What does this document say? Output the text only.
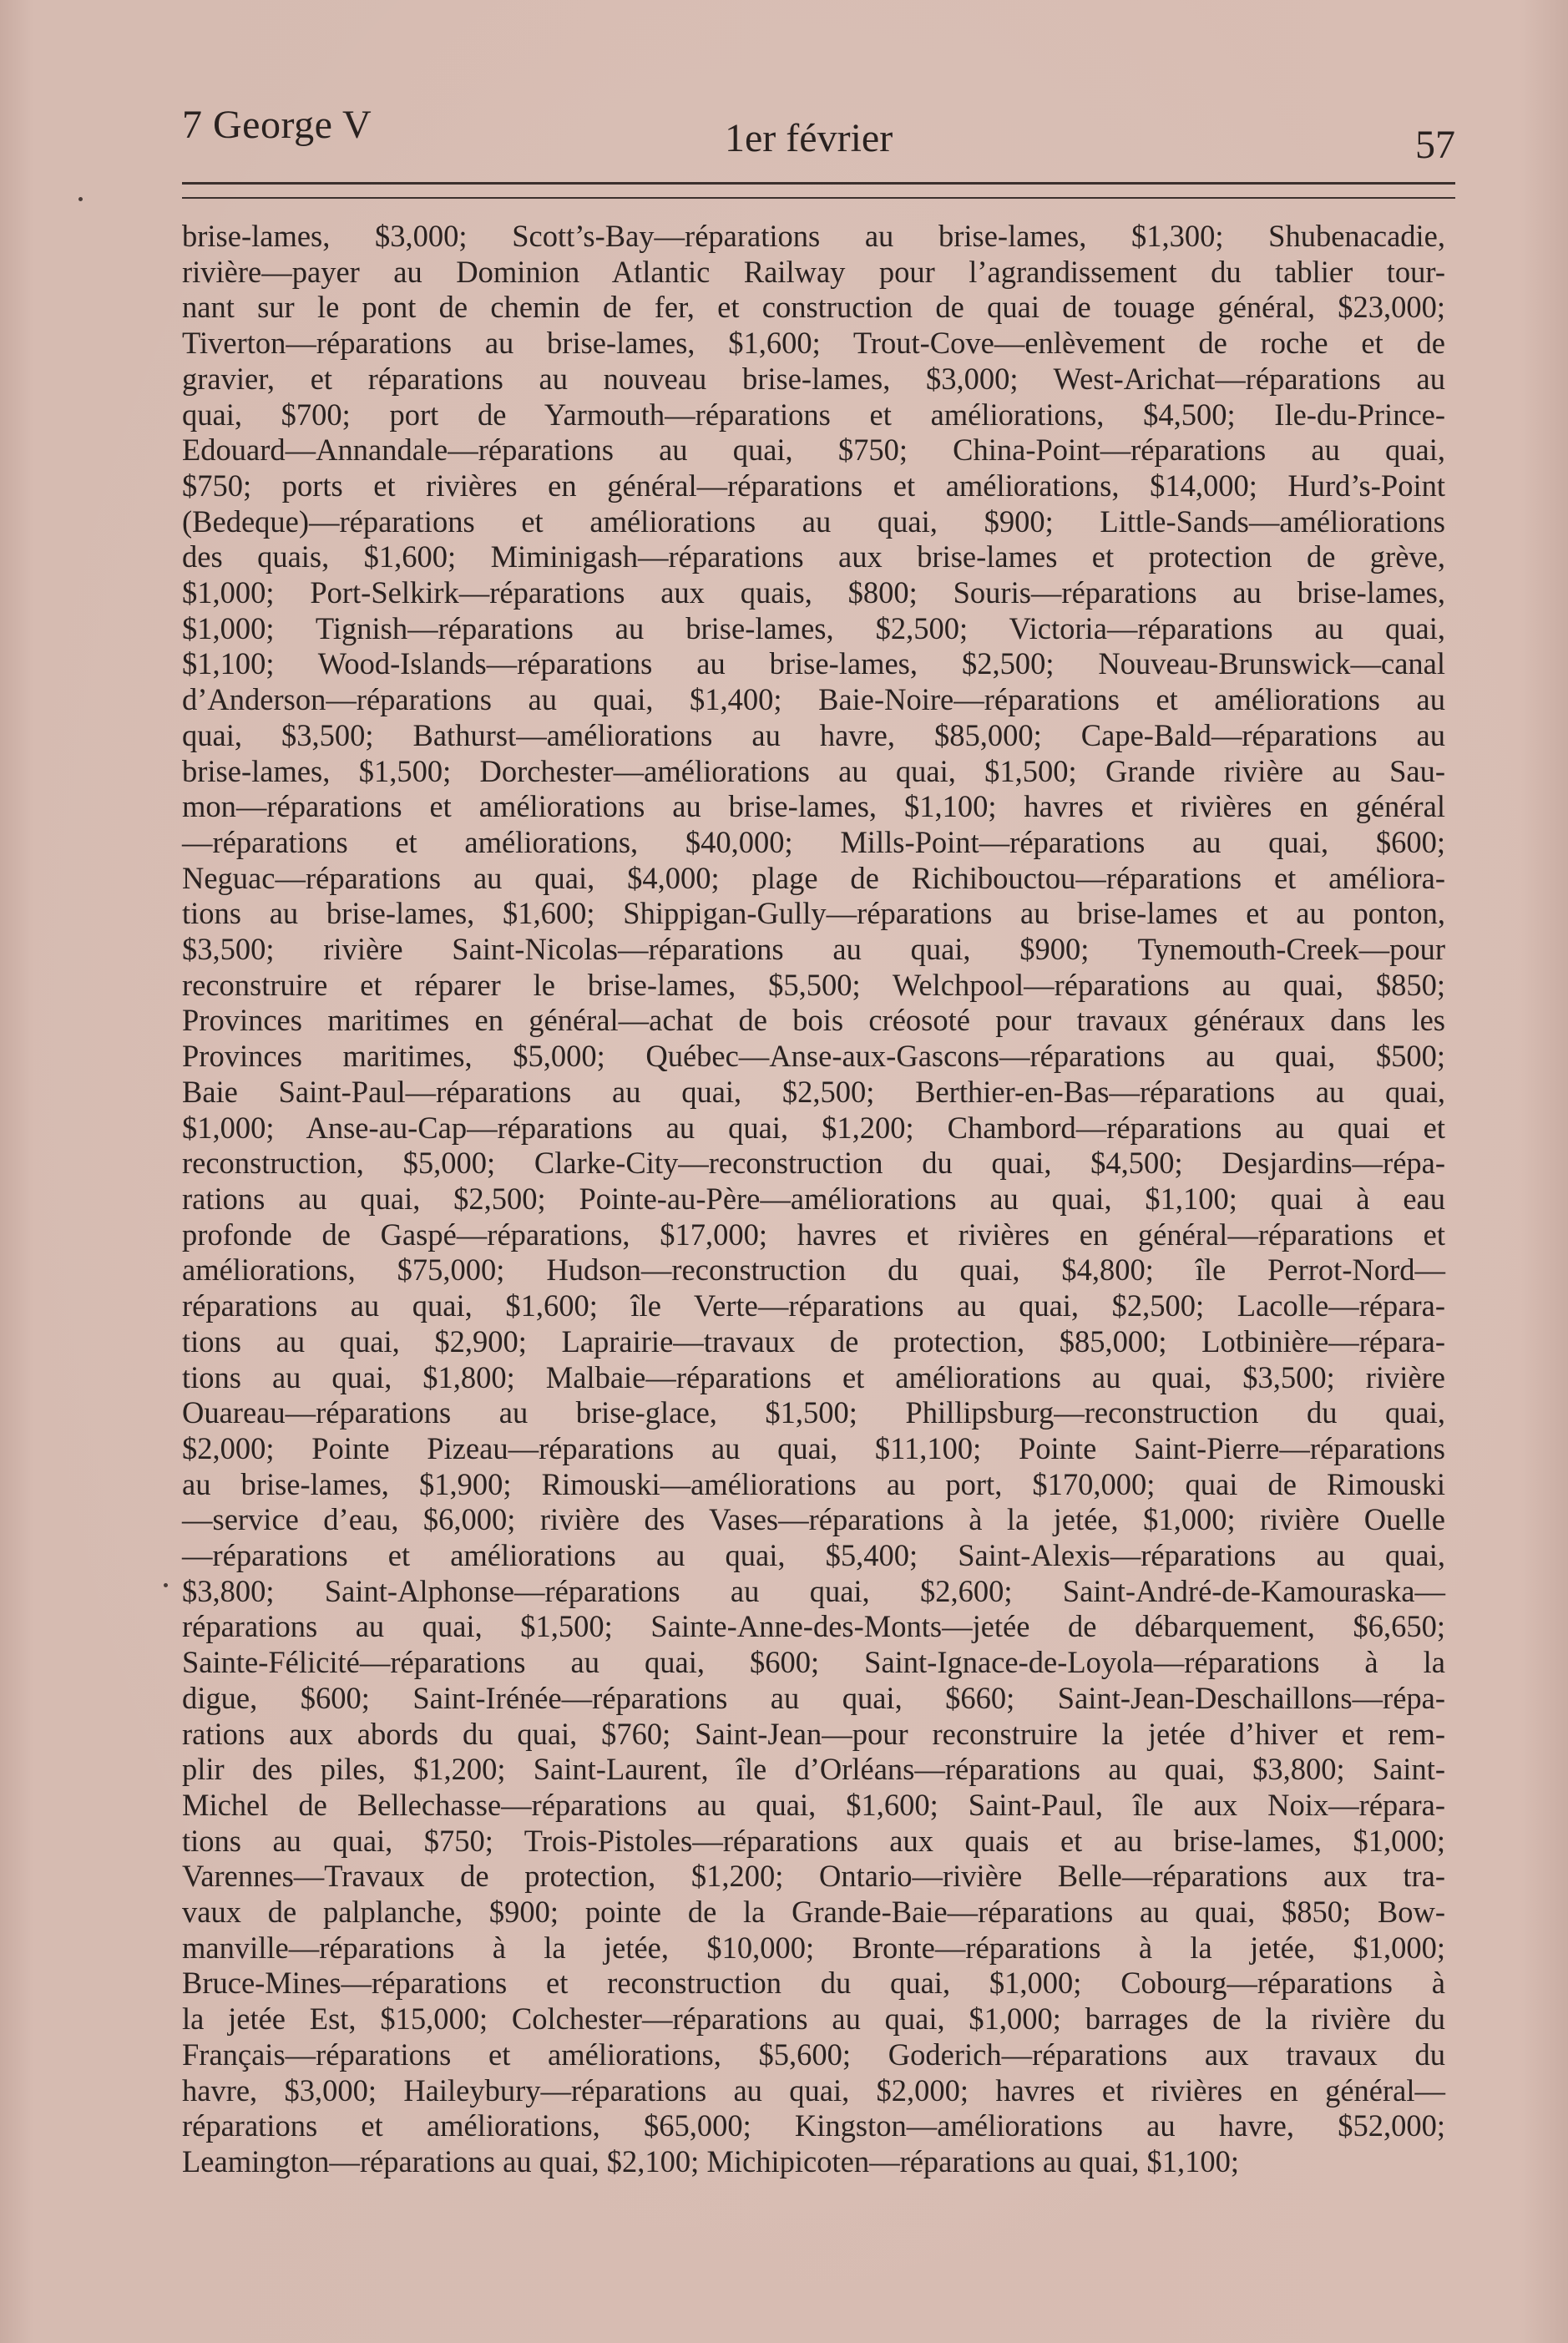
7 George V	1er février	57
brise-lames, $3,000; Scott’s-Bay—réparations au brise-lames, $1,300; Shubenacadie,
rivière—payer au Dominion Atlantic Railway pour l’agrandissement du tablier tour-
nant sur le pont de chemin de fer, et construction de quai de touage général, $23,000;
Tiverton—réparations au brise-lames, $1,600; Trout-Cove—enlèvement de roche et de
gravier, et réparations au nouveau brise-lames, $3,000; West-Arichat—réparations au
quai, $700; port de Yarmouth—réparations et améliorations, $4,500; Ile-du-Prince-
Edouard—Annandale—réparations au quai, $750; China-Point—réparations au quai,
$750; ports et rivières en général—réparations et améliorations, $14,000; Hurd’s-Point
(Bedeque)—réparations et améliorations au quai, $900; Little-Sands—améliorations
des quais, $1,600; Miminigash—réparations aux brise-lames et protection de grève,
$1,000; Port-Selkirk—réparations aux quais, $800; Souris—réparations au brise-lames,
$1,000; Tignish—réparations au brise-lames, $2,500; Victoria—réparations au quai,
$1,100; Wood-Islands—réparations au brise-lames, $2,500; Nouveau-Brunswick—canal
d’Anderson—réparations au quai, $1,400; Baie-Noire—réparations et améliorations au
quai, $3,500; Bathurst—améliorations au havre, $85,000; Cape-Bald—réparations au
brise-lames, $1,500; Dorchester—améliorations au quai, $1,500; Grande rivière au Sau-
mon—réparations et améliorations au brise-lames, $1,100; havres et rivières en général
—réparations et améliorations, $40,000; Mills-Point—réparations au quai, $600;
Neguac—réparations au quai, $4,000; plage de Richibouctou—réparations et améliora-
tions au brise-lames, $1,600; Shippigan-Gully—réparations au brise-lames et au ponton,
$3,500; rivière Saint-Nicolas—réparations au quai, $900; Tynemouth-Creek—pour
reconstruire et réparer le brise-lames, $5,500; Welchpool—réparations au quai, $850;
Provinces maritimes en général—achat de bois créosoté pour travaux généraux dans les
Provinces maritimes, $5,000; Québec—Anse-aux-Gascons—réparations au quai, $500;
Baie Saint-Paul—réparations au quai, $2,500; Berthier-en-Bas—réparations au quai,
$1,000; Anse-au-Cap—réparations au quai, $1,200; Chambord—réparations au quai et
reconstruction, $5,000; Clarke-City—reconstruction du quai, $4,500; Desjardins—répa-
rations au quai, $2,500; Pointe-au-Père—améliorations au quai, $1,100; quai à eau
profonde de Gaspé—réparations, $17,000; havres et rivières en général—réparations et
améliorations, $75,000; Hudson—reconstruction du quai, $4,800; île Perrot-Nord—
réparations au quai, $1,600; île Verte—réparations au quai, $2,500; Lacolle—répara-
tions au quai, $2,900; Laprairie—travaux de protection, $85,000; Lotbinière—répara-
tions au quai, $1,800; Malbaie—réparations et améliorations au quai, $3,500; rivière
Ouareau—réparations au brise-glace, $1,500; Phillipsburg—reconstruction du quai,
$2,000; Pointe Pizeau—réparations au quai, $11,100; Pointe Saint-Pierre—réparations
au brise-lames, $1,900; Rimouski—améliorations au port, $170,000; quai de Rimouski
—service d’eau, $6,000; rivière des Vases—réparations à la jetée, $1,000; rivière Ouelle
—réparations et améliorations au quai, $5,400; Saint-Alexis—réparations au quai,
$3,800; Saint-Alphonse—réparations au quai, $2,600; Saint-André-de-Kamouraska—
réparations au quai, $1,500; Sainte-Anne-des-Monts—jetée de débarquement, $6,650;
Sainte-Félicité—réparations au quai, $600; Saint-Ignace-de-Loyola—réparations à la
digue, $600; Saint-Irénée—réparations au quai, $660; Saint-Jean-Deschaillons—répa-
rations aux abords du quai, $760; Saint-Jean—pour reconstruire la jetée d’hiver et rem-
plir des piles, $1,200; Saint-Laurent, île d’Orléans—réparations au quai, $3,800; Saint-
Michel de Bellechasse—réparations au quai, $1,600; Saint-Paul, île aux Noix—répara-
tions au quai, $750; Trois-Pistoles—réparations aux quais et au brise-lames, $1,000;
Varennes—Travaux de protection, $1,200; Ontario—rivière Belle—réparations aux tra-
vaux de palplanche, $900; pointe de la Grande-Baie—réparations au quai, $850; Bow-
manville—réparations à la jetée, $10,000; Bronte—réparations à la jetée, $1,000;
Bruce-Mines—réparations et reconstruction du quai, $1,000; Cobourg—réparations à
la jetée Est, $15,000; Colchester—réparations au quai, $1,000; barrages de la rivière du
Français—réparations et améliorations, $5,600; Goderich—réparations aux travaux du
havre, $3,000; Haileybury—réparations au quai, $2,000; havres et rivières en général—
réparations et améliorations, $65,000; Kingston—améliorations au havre, $52,000;
Leamington—réparations au quai, $2,100; Michipicoten—réparations au quai, $1,100;
